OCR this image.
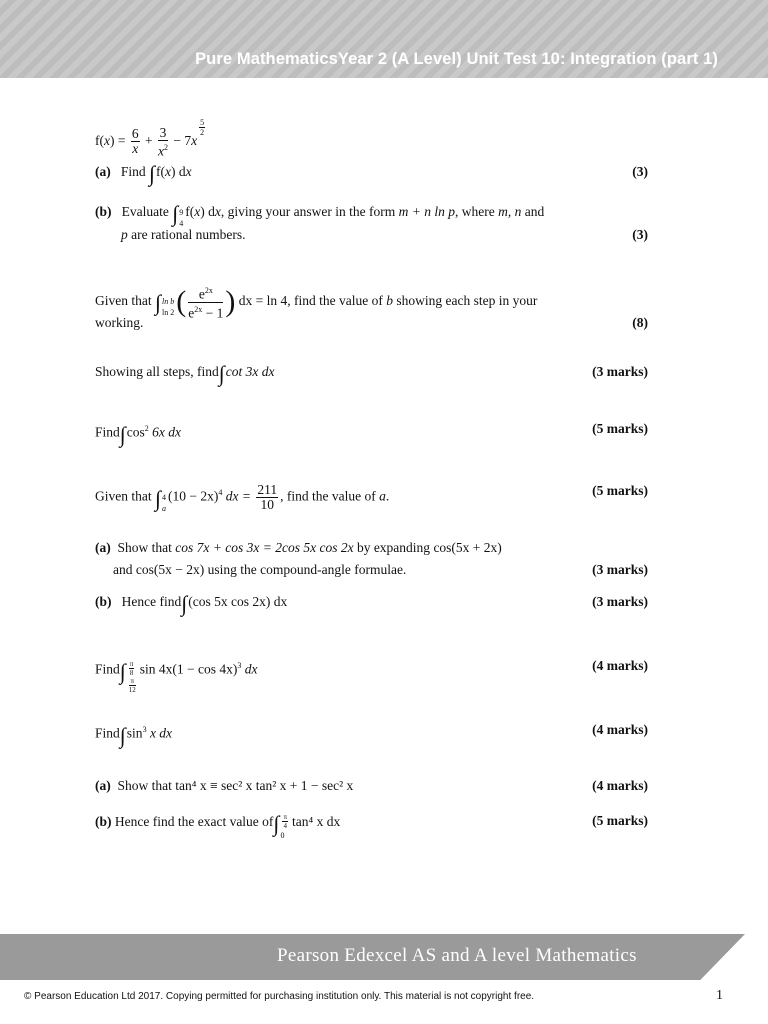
Pure MathematicsYear 2 (A Level) Unit Test 10: Integration (part 1)
$f(x) = \frac{6}{x} + \frac{3}{x^2} - 7x$
$\frac{5}{2}$
(a) Find ∫f(x) dx	(3)
(b) Evaluate ∫9
4f(x) dx, giving your answer in the form m + n ln p, where m, n and
p are rational numbers.	(3)
Given that ∫ln b
$\ln 2( \frac{e^{2x}}{e^{2x} - 1}$ ) dx = ln 4, find the value of b showing each step in your
working.	(8)
Showing all steps, find∫cot 3x dx	(3 marks)
$Find\int\cos^2$ 6x dx	(5 marks)
Given that ∫4
$a(10 - 2x)^4$ dx = $\frac{211}{10}$ , find the value of a.	(5 marks)
(a) Show that cos 7x + cos 3x = 2cos 5x cos 2x by expanding cos(5x + 2x)
and cos(5x − 2x) using the compound-angle formulae.	(3 marks)
(b) Hence find∫(cos 5x cos 2x) dx	(3 marks)
Find∫ $\frac{\pi}{8}$

$\frac{\pi}{12}$
$\sin 4x(1 - \cos 4x)^3$ dx	(4 marks)
$Find\int\sin^3$ x dx	(4 marks)
(a) Show that tan⁴ x ≡ sec² x tan² x + 1 − sec² x	(4 marks)
(b) Hence find the exact value $of\int \frac{\pi}{4}$

0tan⁴ x dx	(5 marks)
Pearson Edexcel AS and A level Mathematics
© Pearson Education Ltd 2017. Copying permitted for purchasing institution only. This material is not copyright free.	1
